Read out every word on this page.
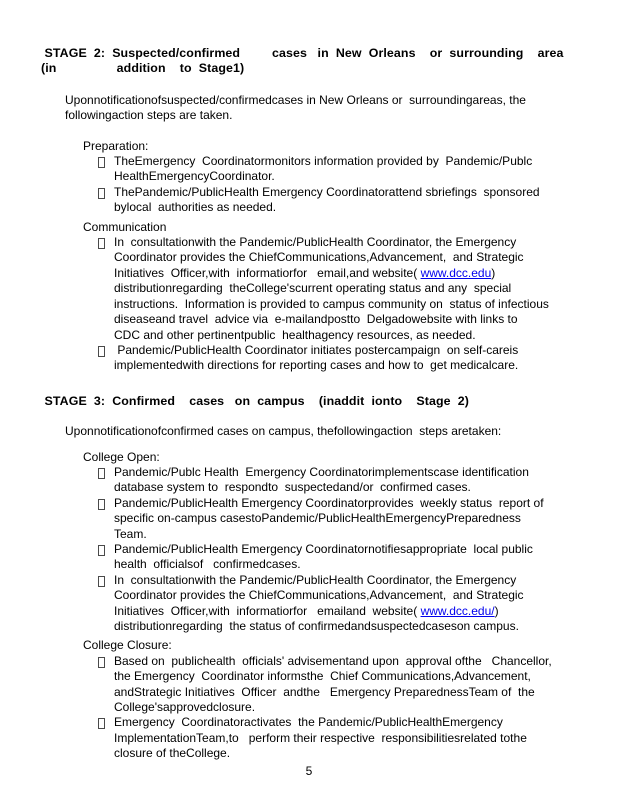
STAGE  2:  Suspected/confirmed         cases   in  New  Orleans    or  surrounding    area
(in                 addition    to  Stage1)
Uponnotificationofsuspected/confirmedcases in New Orleans or  surroundingareas, the
followingaction steps are taken.
Preparation:
TheEmergency  Coordinatormonitors information provided by  Pandemic/Publc
HealthEmergencyCoordinator.
ThePandemic/PublicHealth Emergency Coordinatorattend sbriefings  sponsored
bylocal  authorities as needed.
Communication
In  consultationwith the Pandemic/PublicHealth Coordinator, the Emergency
Coordinator provides the ChiefCommunications,Advancement,  and Strategic
Initiatives  Officer,with  informatiorfor   email,and website( www.dcc.edu)
distributionregarding  theCollege'scurrent operating status and any  special
instructions.  Information is provided to campus community on  status of infectious
diseaseand travel  advice via  e-mailandpostto  Delgadowebsite with links to
CDC and other pertinentpublic  healthagency resources, as needed.
Pandemic/PublicHealth Coordinator initiates postercampaign  on self-careis
implementedwith directions for reporting cases and how to  get medicalcare.
STAGE  3:  Confirmed    cases   on  campus    (inaddit  ionto    Stage  2)
Uponnotificationofconfirmed cases on campus, thefollowingaction  steps aretaken:
College Open:
Pandemic/Publc Health  Emergency Coordinatorimplementscase identification
database system to  respondto  suspectedand/or  confirmed cases.
Pandemic/PublicHealth Emergency Coordinatorprovides  weekly status  report of
specific on-campus casestoPandemic/PublicHealthEmergencyPreparedness
Team.
Pandemic/PublicHealth Emergency Coordinatornotifiesappropriate  local public
health  officialsof   confirmedcases.
In  consultationwith the Pandemic/PublicHealth Coordinator, the Emergency
Coordinator provides the ChiefCommunications,Advancement,  and Strategic
Initiatives  Officer,with  informatiorfor   emailand  website( www.dcc.edu/)
distributionregarding  the status of confirmedandsuspectedcaseson campus.
College Closure:
Based on  publichealth  officials' advisementand upon  approval ofthe   Chancellor,
the Emergency  Coordinator informsthe  Chief Communications,Advancement,
andStrategic Initiatives  Officer  andthe   Emergency PreparednessTeam of  the
College'sapprovedclosure.
Emergency  Coordinatoractivates  the Pandemic/PublicHealthEmergency
ImplementationTeam,to   perform their respective  responsibilitiesrelated tothe
closure of theCollege.
5
